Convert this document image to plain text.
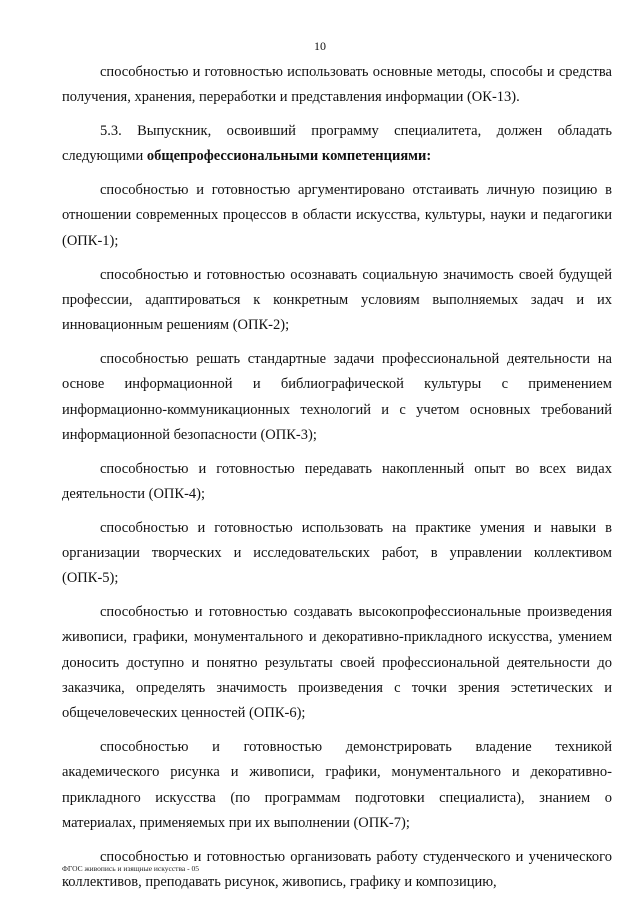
10

способностью и готовностью использовать основные методы, способы и средства получения, хранения, переработки и представления информации (ОК-13).

5.3. Выпускник, освоивший программу специалитета, должен обладать следующими общепрофессиональными компетенциями:

способностью и готовностью аргументировано отстаивать личную позицию в отношении современных процессов в области искусства, культуры, науки и педагогики (ОПК-1);

способностью и готовностью осознавать социальную значимость своей будущей профессии, адаптироваться к конкретным условиям выполняемых задач и их инновационным решениям (ОПК-2);

способностью решать стандартные задачи профессиональной деятельности на основе информационной и библиографической культуры с применением информационно-коммуникационных технологий и с учетом основных требований информационной безопасности (ОПК-3);

способностью и готовностью передавать накопленный опыт во всех видах деятельности (ОПК-4);

способностью и готовностью использовать на практике умения и навыки в организации творческих и исследовательских работ, в управлении коллективом (ОПК-5);

способностью и готовностью создавать высокопрофессиональные произведения живописи, графики, монументального и декоративно-прикладного искусства, умением доносить доступно и понятно результаты своей профессиональной деятельности до заказчика, определять значимость произведения с точки зрения эстетических и общечеловеческих ценностей (ОПК-6);

способностью и готовностью демонстрировать владение техникой академического рисунка и живописи, графики, монументального и декоративно-прикладного искусства (по программам подготовки специалиста), знанием о материалах, применяемых при их выполнении (ОПК-7);

способностью и готовностью организовать работу студенческого и ученического коллективов, преподавать рисунок, живопись, графику и композицию,

ФГОС живопись и изящные искусства - 05
